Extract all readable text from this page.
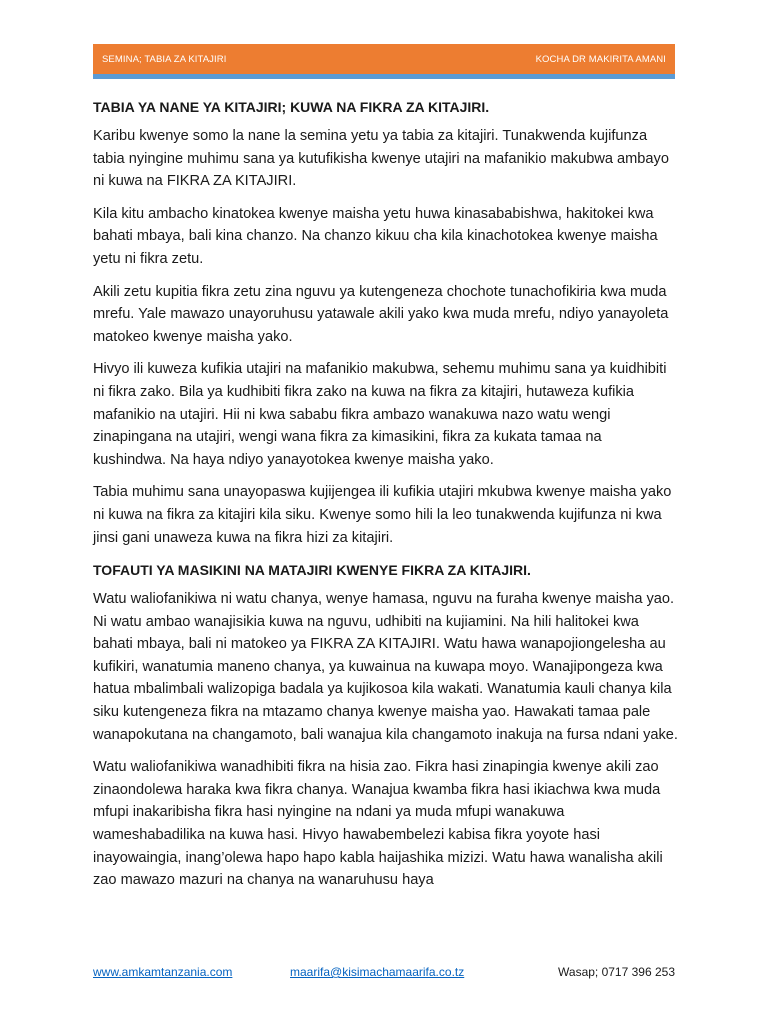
SEMINA; TABIA ZA KITAJIRI	KOCHA DR MAKIRITA AMANI
TABIA YA NANE YA KITAJIRI; KUWA NA FIKRA ZA KITAJIRI.

Karibu kwenye somo la nane la semina yetu ya tabia za kitajiri. Tunakwenda kujifunza tabia nyingine muhimu sana ya kutufikisha kwenye utajiri na mafanikio makubwa ambayo ni kuwa na FIKRA ZA KITAJIRI.

Kila kitu ambacho kinatokea kwenye maisha yetu huwa kinasababishwa, hakitokei kwa bahati mbaya, bali kina chanzo. Na chanzo kikuu cha kila kinachotokea kwenye maisha yetu ni fikra zetu.

Akili zetu kupitia fikra zetu zina nguvu ya kutengeneza chochote tunachofikiria kwa muda mrefu. Yale mawazo unayoruhusu yatawale akili yako kwa muda mrefu, ndiyo yanayoleta matokeo kwenye maisha yako.

Hivyo ili kuweza kufikia utajiri na mafanikio makubwa, sehemu muhimu sana ya kuidhibiti ni fikra zako. Bila ya kudhibiti fikra zako na kuwa na fikra za kitajiri, hutaweza kufikia mafanikio na utajiri. Hii ni kwa sababu fikra ambazo wanakuwa nazo watu wengi zinapingana na utajiri, wengi wana fikra za kimasikini, fikra za kukata tamaa na kushindwa. Na haya ndiyo yanayotokea kwenye maisha yako.

Tabia muhimu sana unayopaswa kujijengea ili kufikia utajiri mkubwa kwenye maisha yako ni kuwa na fikra za kitajiri kila siku. Kwenye somo hili la leo tunakwenda kujifunza ni kwa jinsi gani unaweza kuwa na fikra hizi za kitajiri.

TOFAUTI YA MASIKINI NA MATAJIRI KWENYE FIKRA ZA KITAJIRI.

Watu waliofanikiwa ni watu chanya, wenye hamasa, nguvu na furaha kwenye maisha yao. Ni watu ambao wanajisikia kuwa na nguvu, udhibiti na kujiamini. Na hili halitokei kwa bahati mbaya, bali ni matokeo ya FIKRA ZA KITAJIRI. Watu hawa wanapojiongelesha au kufikiri, wanatumia maneno chanya, ya kuwainua na kuwapa moyo. Wanajipongeza kwa hatua mbalimbali walizopiga badala ya kujikosoa kila wakati. Wanatumia kauli chanya kila siku kutengeneza fikra na mtazamo chanya kwenye maisha yao. Hawakati tamaa pale wanapokutana na changamoto, bali wanajua kila changamoto inakuja na fursa ndani yake.

Watu waliofanikiwa wanadhibiti fikra na hisia zao. Fikra hasi zinapingia kwenye akili zao zinaondolewa haraka kwa fikra chanya. Wanajua kwamba fikra hasi ikiachwa kwa muda mfupi inakaribisha fikra hasi nyingine na ndani ya muda mfupi wanakuwa wameshabadilika na kuwa hasi. Hivyo hawabembelezi kabisa fikra yoyote hasi inayowaingia, inang’olewa hapo hapo kabla haijashika mizizi. Watu hawa wanalisha akili zao mawazo mazuri na chanya na wanaruhusu haya

www.amkamtanzania.com	maarifa@kisimachamaarifa.co.tz	Wasap; 0717 396 253
